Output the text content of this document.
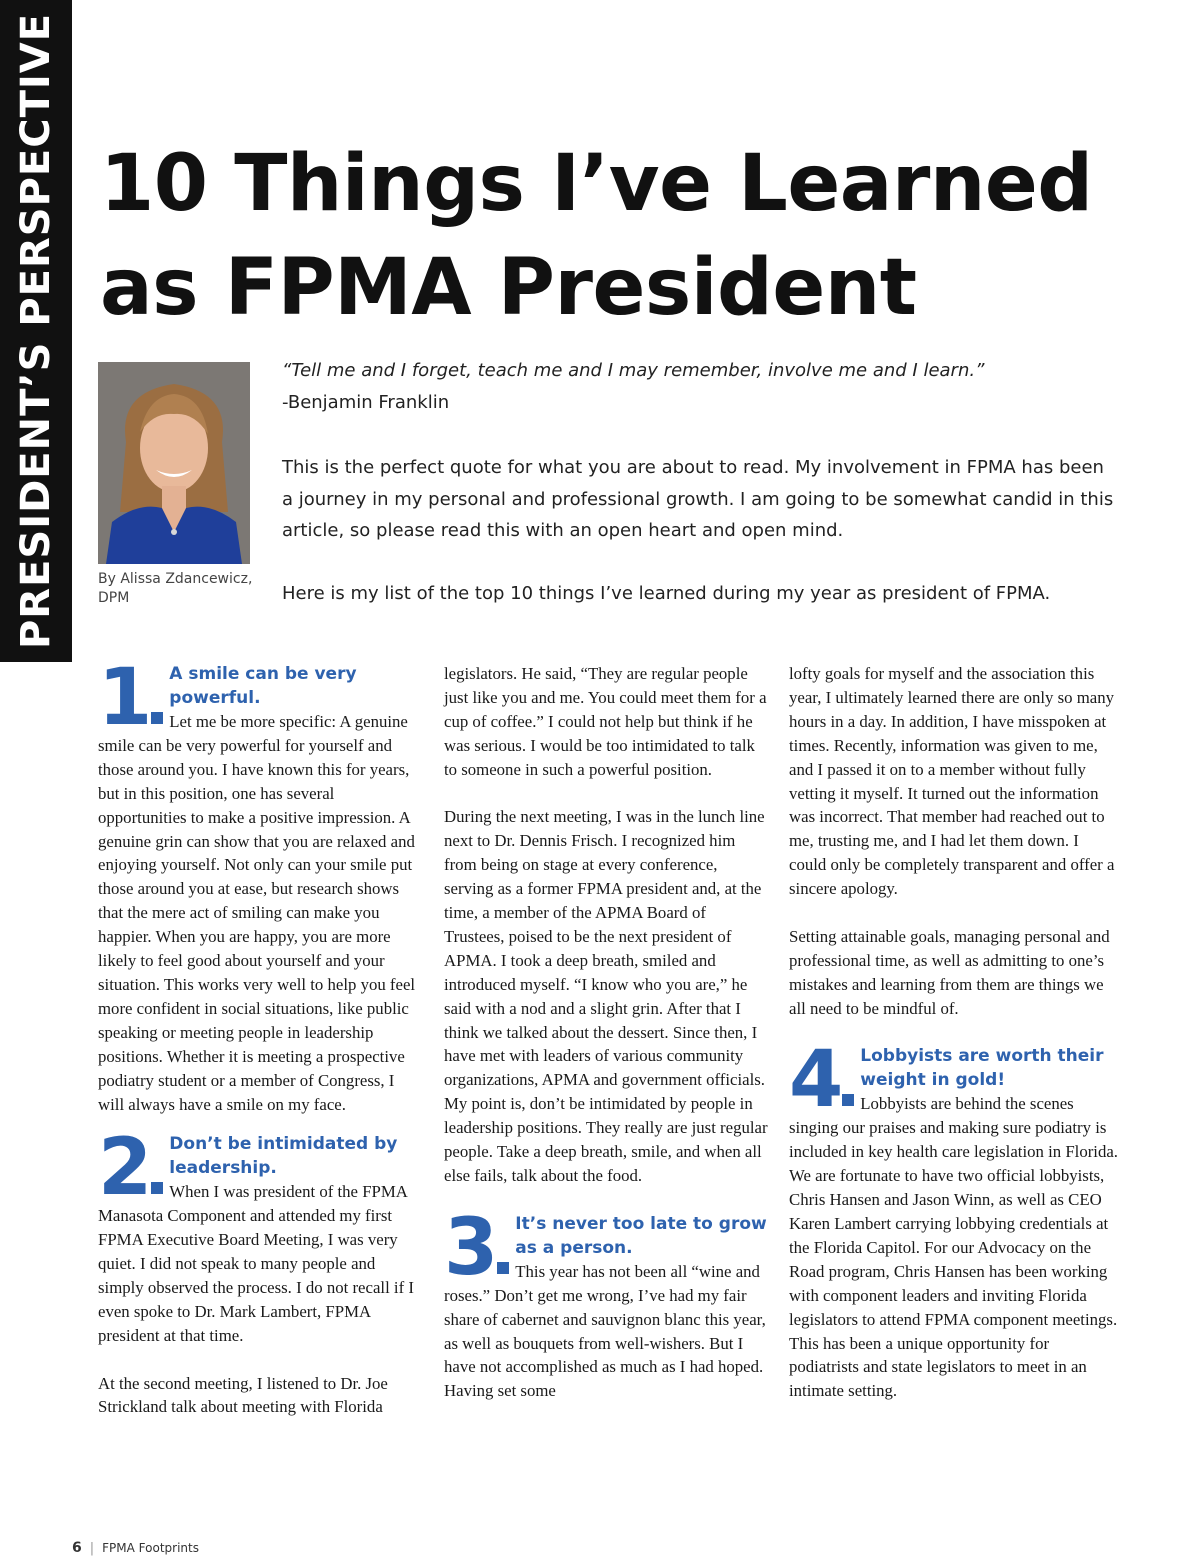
PRESIDENT’S PERSPECTIVE 10 Things I’ve Learned as FPMA President
By Alissa Zdancewicz, DPM
“Tell me and I forget, teach me and I may remember, involve me and I learn.”
-Benjamin Franklin
This is the perfect quote for what you are about to read. My involvement in FPMA has been a journey in my personal and professional growth. I am going to be somewhat candid in this article, so please read this with an open heart and open mind.
Here is my list of the top 10 things I’ve learned during my year as president of FPMA.
1	A smile can be very powerful.

Let me be more specific: A genuine smile can be very powerful for yourself and those around you. I have known this for years, but in this position, one has several opportunities to make a positive impression. A genuine grin can show that you are relaxed and enjoying yourself. Not only can your smile put those around you at ease, but research shows that the mere act of smiling can make you happier. When you are happy, you are more likely to feel good about yourself and your situation. This works very well to help you feel more confident in social situations, like public speaking or meeting people in leadership positions. Whether it is meeting a prospective podiatry student or a member of Congress, I will always have a smile on my face.

2	Don’t be intimidated by leadership.

When I was president of the FPMA Manasota Component and attended my first FPMA Executive Board Meeting, I was very quiet. I did not speak to many people and simply observed the process. I do not recall if I even spoke to Dr. Mark Lambert, FPMA president at that time.

At the second meeting, I listened to Dr. Joe Strickland talk about meeting with Florida

legislators. He said, “They are regular people just like you and me. You could meet them for a cup of coffee.” I could not help but think if he was serious. I would be too intimidated to talk to someone in such a powerful position.

During the next meeting, I was in the lunch line next to Dr. Dennis Frisch. I recognized him from being on stage at every conference, serving as a former FPMA president and, at the time, a member of the APMA Board of Trustees, poised to be the next president of APMA. I took a deep breath, smiled and introduced myself. “I know who you are,” he said with a nod and a slight grin. After that I think we talked about the dessert. Since then, I have met with leaders of various community organizations, APMA and government officials. My point is, don’t be intimidated by people in leadership positions. They really are just regular people. Take a deep breath, smile, and when all else fails, talk about the food.

3	It’s never too late to grow as a person.

This year has not been all “wine and roses.” Don’t get me wrong, I’ve had my fair share of cabernet and sauvignon blanc this year, as well as bouquets from well-wishers. But I have not accomplished as much as I had hoped. Having set some

lofty goals for myself and the association this year, I ultimately learned there are only so many hours in a day. In addition, I have misspoken at times. Recently, information was given to me, and I passed it on to a member without fully vetting it myself. It turned out the information was incorrect. That member had reached out to me, trusting me, and I had let them down. I could only be completely transparent and offer a sincere apology.

Setting attainable goals, managing personal and professional time, as well as admitting to one’s mistakes and learning from them are things we all need to be mindful of.

4	Lobbyists are worth their weight in gold!

Lobbyists are behind the scenes singing our praises and making sure podiatry is included in key health care legislation in Florida. We are fortunate to have two official lobbyists, Chris Hansen and Jason Winn, as well as CEO Karen Lambert carrying lobbying credentials at the Florida Capitol. For our Advocacy on the Road program, Chris Hansen has been working with component leaders and inviting Florida legislators to attend FPMA component meetings. This has been a unique opportunity for podiatrists and state legislators to meet in an intimate setting.

6 | FPMA Footprints
